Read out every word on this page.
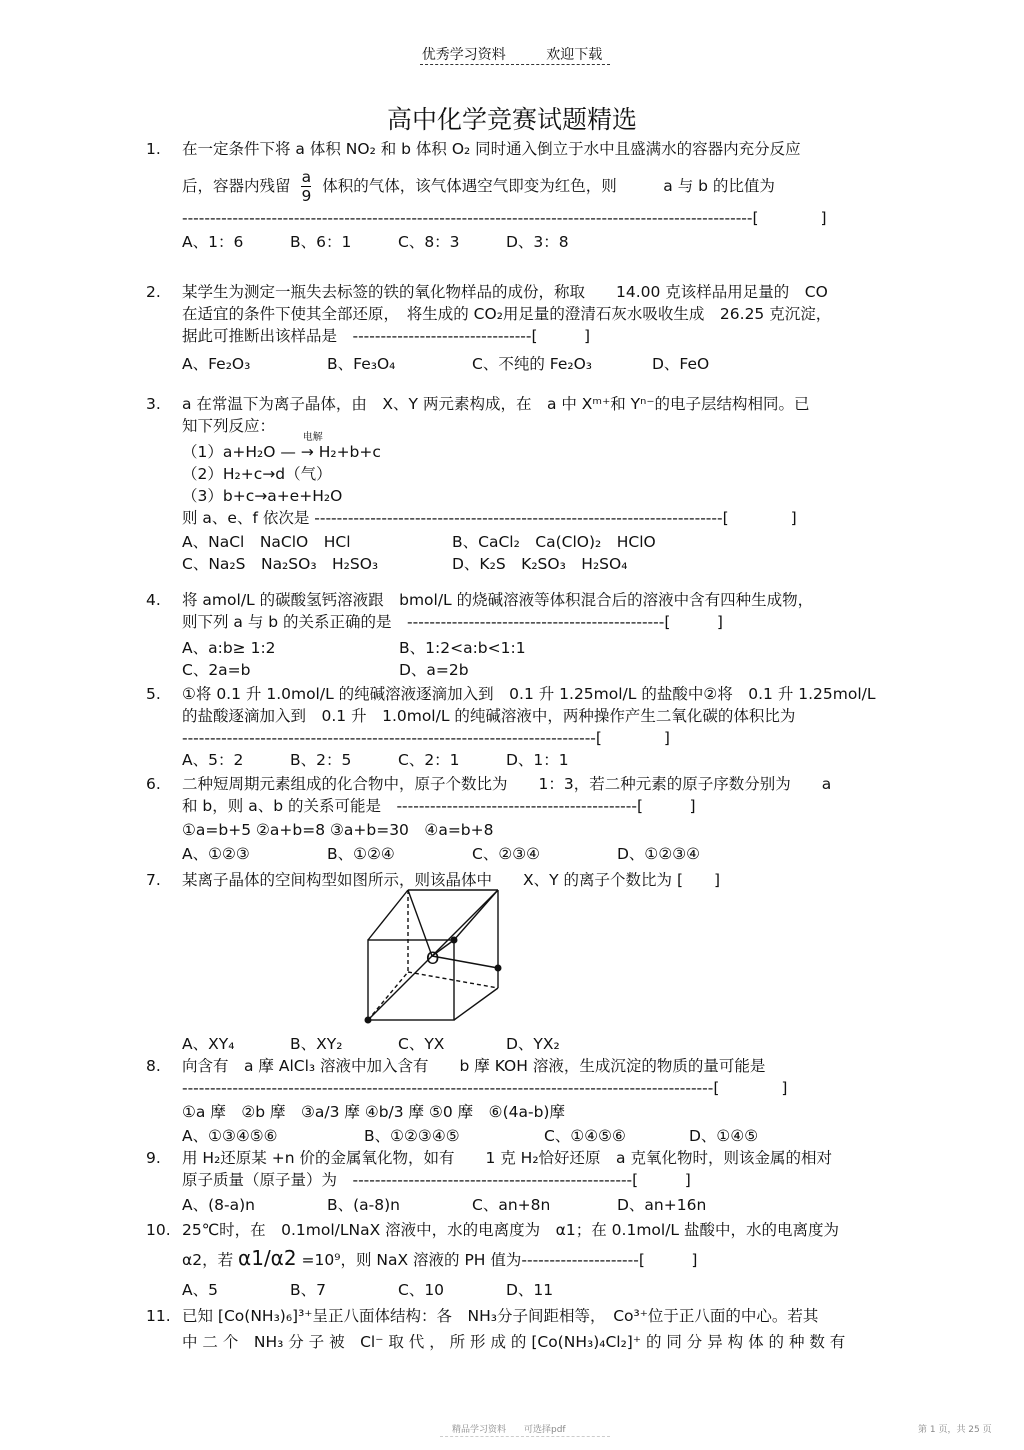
优秀学习资料	欢迎下载
高中化学竞赛试题精选
1. 在一定条件下将 a 体积 NO₂ 和 b 体积 O₂ 同时通入倒立于水中且盛满水的容器内充分反应
后，容器内残留 $\frac{a}{9}$ 体积的气体，该气体遇空气即变为红色，则　　　a 与 b 的比值为
------------------------------------------------------------------------------------------------------[　　　　]
A、1：6	B、6：1	C、8：3	D、3：8
2. 某学生为测定一瓶失去标签的铁的氧化物样品的成份，称取　　14.00 克该样品用足量的　CO
在适宜的条件下使其全部还原，　将生成的 CO₂用足量的澄清石灰水吸收生成　26.25 克沉淀，
据此可推断出该样品是　--------------------------------[　　　]
A、Fe₂O₃	B、Fe₃O₄	C、不纯的 Fe₂O₃	D、FeO
3. a 在常温下为离子晶体，由　X、Y 两元素构成，在　a 中 Xᵐ⁺和 Yⁿ⁻的电子层结构相同。已
知下列反应：
（1）a+H₂O —
电解
→ H₂+b+c
（2）H₂+c→d（气）
（3）b+c→a+e+H₂O
则 a、e、f 依次是 -------------------------------------------------------------------------[　　　　]
A、NaCl　NaClO　HCl	B、CaCl₂　Ca(ClO)₂　HClO
C、Na₂S　Na₂SO₃　H₂SO₃	D、K₂S　K₂SO₃　H₂SO₄
4. 将 amol/L 的碳酸氢钙溶液跟　bmol/L 的烧碱溶液等体积混合后的溶液中含有四种生成物，
则下列 a 与 b 的关系正确的是　----------------------------------------------[　　　]
A、a:b≥ 1:2	B、1:2<a:b<1:1
C、2a=b	D、a=2b
5. ①将 0.1 升 1.0mol/L 的纯碱溶液逐滴加入到　0.1 升 1.25mol/L 的盐酸中②将　0.1 升 1.25mol/L
的盐酸逐滴加入到　0.1 升　1.0mol/L 的纯碱溶液中，两种操作产生二氧化碳的体积比为
--------------------------------------------------------------------------[　　　　]
A、5：2	B、2：5	C、2：1	D、1：1
6. 二种短周期元素组成的化合物中，原子个数比为　　1：3，若二种元素的原子序数分别为　　a
和 b，则 a、b 的关系可能是　-------------------------------------------[　　　]
①a=b+5 ②a+b=8 ③a+b=30　④a=b+8
A、①②③	B、①②④	C、②③④	D、①②③④
7. 某离子晶体的空间构型如图所示，则该晶体中　　X、Y 的离子个数比为 [　　]
O
A、XY₄	B、XY₂	C、YX	D、YX₂
8. 向含有　a 摩 AlCl₃ 溶液中加入含有　　b 摩 KOH 溶液，生成沉淀的物质的量可能是
-----------------------------------------------------------------------------------------------[　　　　]
①a 摩　②b 摩　③a/3 摩 ④b/3 摩 ⑤0 摩　⑥(4a-b)摩
A、①③④⑤⑥	B、①②③④⑤	C、①④⑤⑥	D、①④⑤
9. 用 H₂还原某 +n 价的金属氧化物，如有　　1 克 H₂恰好还原　a 克氧化物时，则该金属的相对
原子质量（原子量）为　--------------------------------------------------[　　　]
A、(8-a)n	B、(a-8)n	C、an+8n	D、an+16n
10. 25℃时，在　0.1mol/LNaX 溶液中，水的电离度为　α1；在 0.1mol/L 盐酸中，水的电离度为
α2，若 α1/α2 =10⁹，则 NaX 溶液的 PH 值为---------------------[　　　]
A、5	B、7	C、10	D、11
11. 已知 [Co(NH₃)₆]³⁺呈正八面体结构：各　NH₃分子间距相等，　Co³⁺位于正八面的中心。若其
中 二 个　NH₃ 分 子 被　Cl⁻ 取 代 ， 所 形 成 的 [Co(NH₃)₄Cl₂]⁺ 的 同 分 异 构 体 的 种 数 有
精品学习资料　　可选择pdf	第 1 页，共 25 页
